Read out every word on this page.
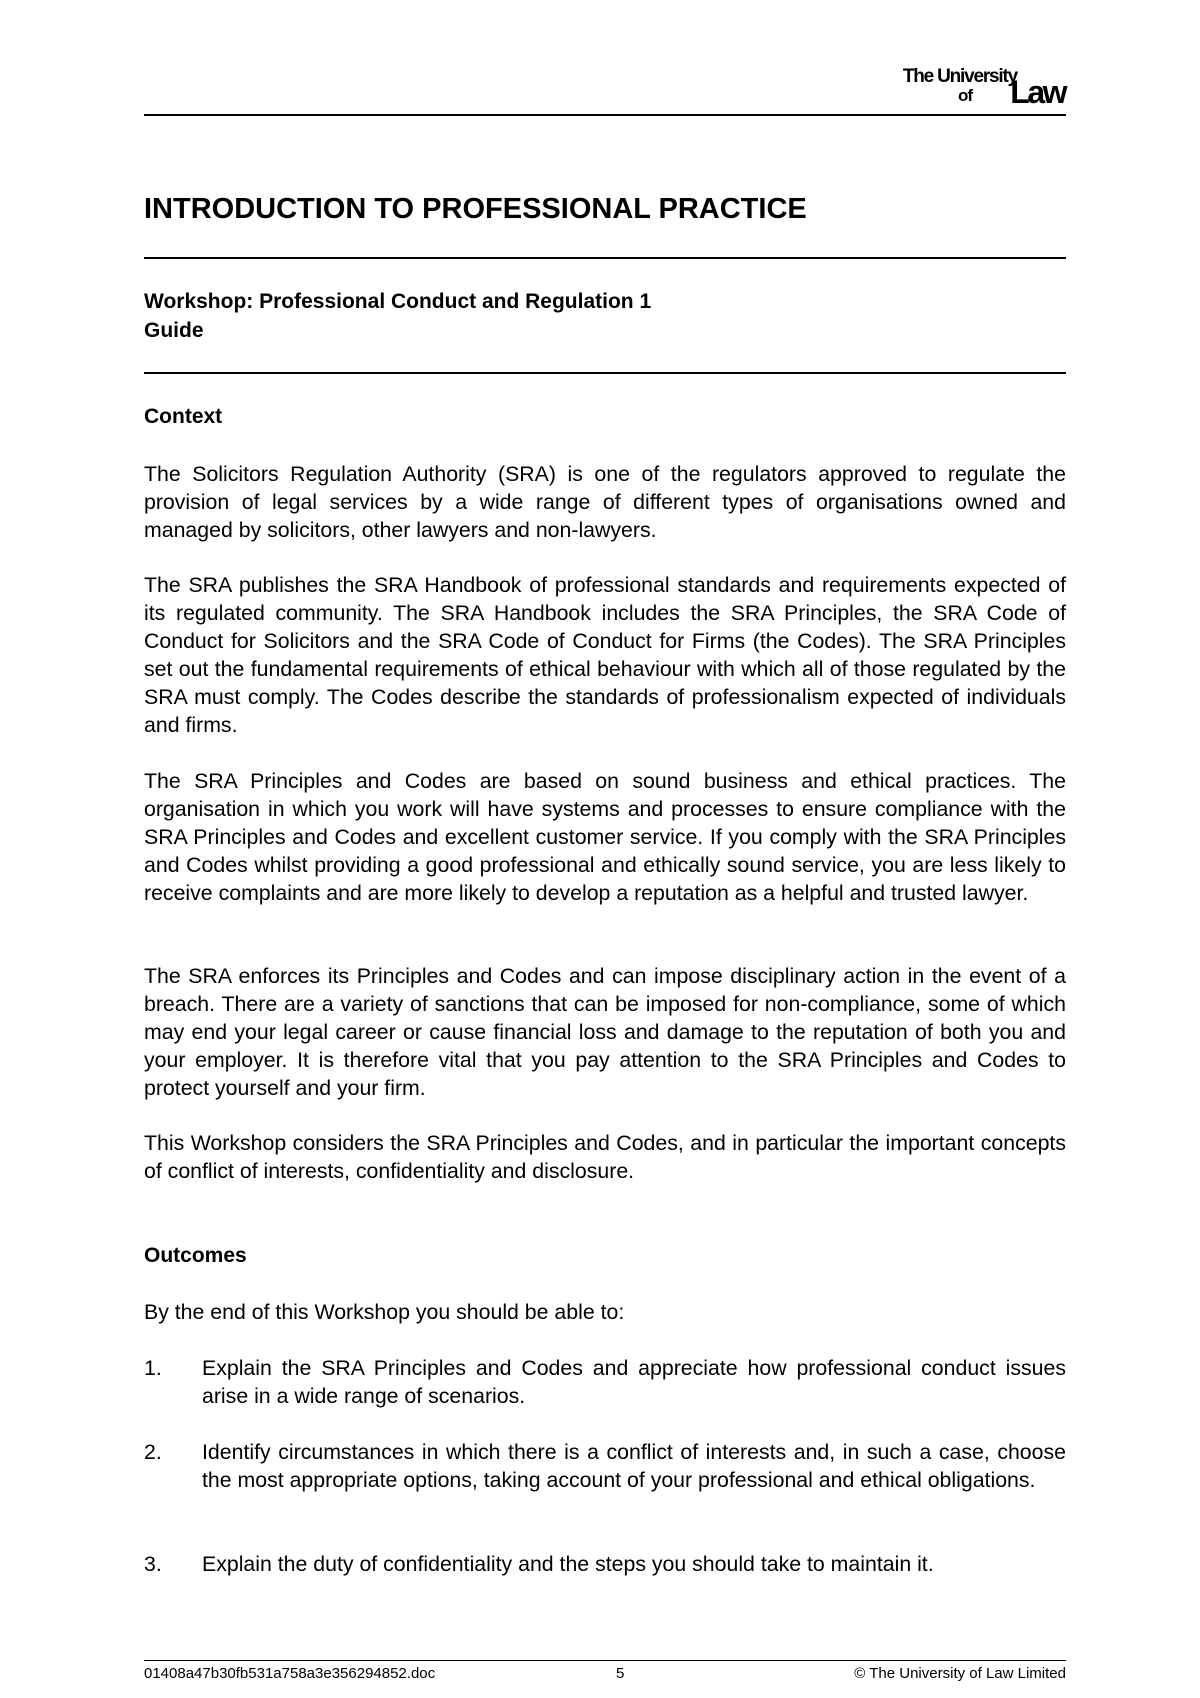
The University
of Law
INTRODUCTION TO PROFESSIONAL PRACTICE
Workshop: Professional Conduct and Regulation 1
Guide
Context

The Solicitors Regulation Authority (SRA) is one of the regulators approved to regulate the provision of legal services by a wide range of different types of organisations owned and managed by solicitors, other lawyers and non-lawyers.

The SRA publishes the SRA Handbook of professional standards and requirements expected of its regulated community. The SRA Handbook includes the SRA Principles, the SRA Code of Conduct for Solicitors and the SRA Code of Conduct for Firms (the Codes). The SRA Principles set out the fundamental requirements of ethical behaviour with which all of those regulated by the SRA must comply. The Codes describe the standards of professionalism expected of individuals and firms.

The SRA Principles and Codes are based on sound business and ethical practices. The organisation in which you work will have systems and processes to ensure compliance with the SRA Principles and Codes and excellent customer service. If you comply with the SRA Principles and Codes whilst providing a good professional and ethically sound service, you are less likely to receive complaints and are more likely to develop a reputation as a helpful and trusted lawyer.

The SRA enforces its Principles and Codes and can impose disciplinary action in the event of a breach. There are a variety of sanctions that can be imposed for non-compliance, some of which may end your legal career or cause financial loss and damage to the reputation of both you and your employer. It is therefore vital that you pay attention to the SRA Principles and Codes to protect yourself and your firm.

This Workshop considers the SRA Principles and Codes, and in particular the important concepts of conflict of interests, confidentiality and disclosure.

Outcomes

By the end of this Workshop you should be able to:

1. Explain the SRA Principles and Codes and appreciate how professional conduct issues arise in a wide range of scenarios.
2. Identify circumstances in which there is a conflict of interests and, in such a case, choose the most appropriate options, taking account of your professional and ethical obligations.
3. Explain the duty of confidentiality and the steps you should take to maintain it.
01408a47b30fb531a758a3e356294852.doc	5	© The University of Law Limited
